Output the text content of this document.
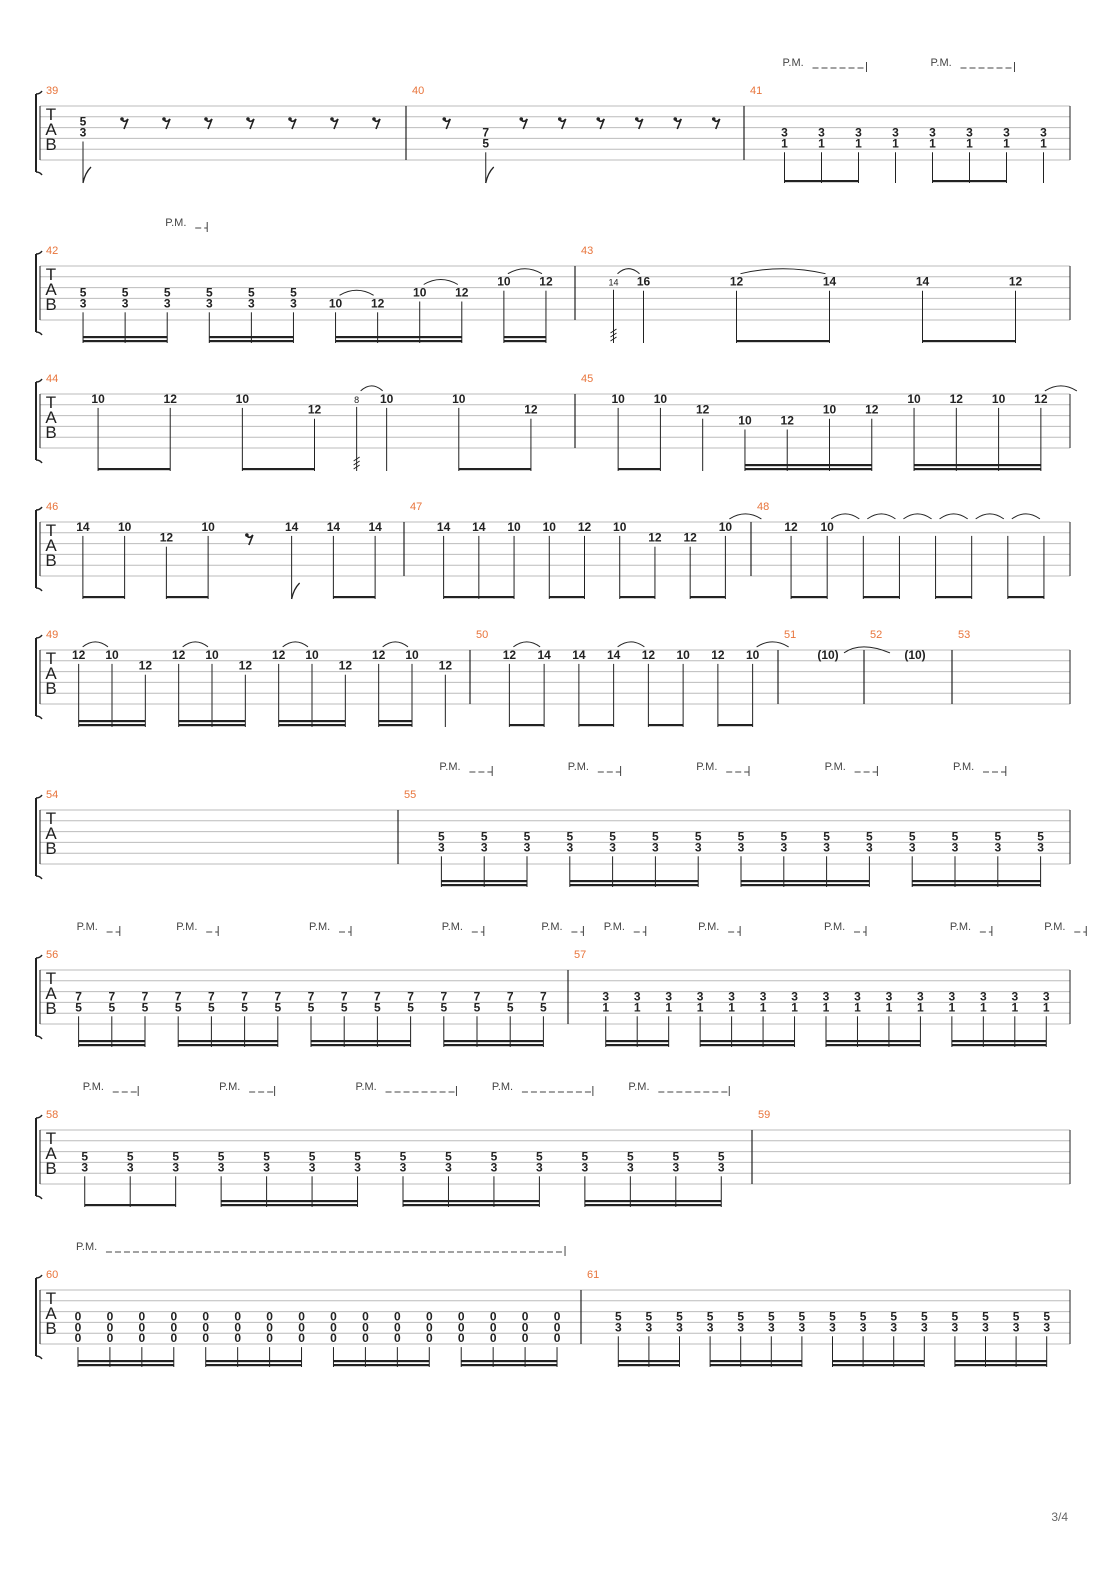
T
A
B
39
5
3
40
7
5
41
3
1
3
1
3
1
3
1
3
1
3
1
3
1
3
1
P.M.	P.M.
T
A
B
42
5
3
5
3
5
3
5
3
5
3
5
3	10 12
10 12
10 12
43
16
14	12	14	14	12
P.M.
T
A
B
44
10	12	10
12
10
8	10
12
45
10 10
12
10 12
10 12
10 12 10 12
T
A
B
46
14 10
12
10	14 14 14
47
14 14 10 10 12 10
12 12
10
48
12 10
T
A
B
49
12 10
12
12 10
12
12 10
12
12 10
12
50
12 14 14 14 12 10 12 10
51
(10)
52
(10)
53
T
A
B
54	55
5
3
5
3
5
3
5
3
5
3
5
3
5
3
5
3
5
3
5
3
5
3
5
3
5
3
5
3
5
3
P.M.	P.M.	P.M.	P.M.	P.M.
T
A
B
56
7
5
7
5
7
5
7
5
7
5
7
5
7
5
7
5
7
5
7
5
7
5
7
5
7
5
7
5
7
5
57
3
1
3
1
3
1
3
1
3
1
3
1
3
1
3
1
3
1
3
1
3
1
3
1
3
1
3
1
3
1
P.M.	P.M.	P.M.	P.M.	P.M.	P.M.	P.M.	P.M.	P.M.	P.M.
T
A
B
58
5
3
5
3
5
3
5
3
5
3
5
3
5
3
5
3
5
3
5
3
5
3
5
3
5
3
5
3
5
3
59
P.M.	P.M.	P.M.	P.M.	P.M.
T
A
B
60
0
0
0
0
0
0
0
0
0
0
0
0
0
0
0
0
0
0
0
0
0
0
0
0
0
0
0
0
0
0
0
0
0
0
0
0
0
0
0
0
0
0
0
0
0
0
0
0
61
5
3
5
3
5
3
5
3
5
3
5
3
5
3
5
3
5
3
5
3
5
3
5
3
5
3
5
3
5
3
P.M.
3/4
